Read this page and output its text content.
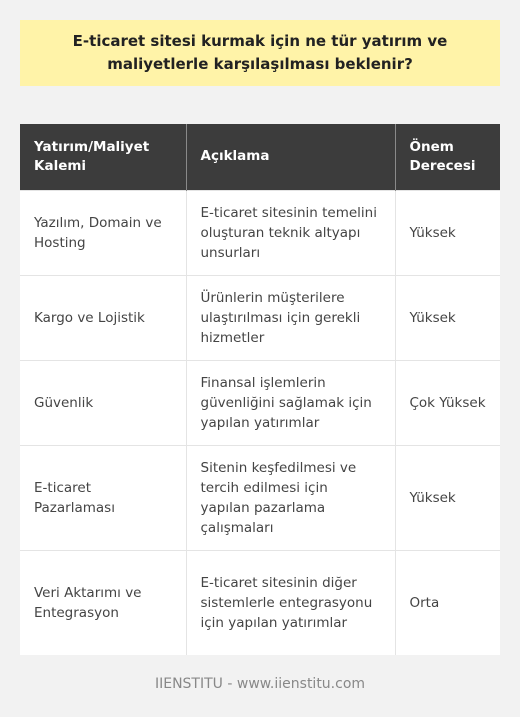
E-ticaret sitesi kurmak için ne tür yatırım ve maliyetlerle karşılaşılması beklenir?

Yatırım/Maliyet Kalemi	Açıklama	Önem Derecesi
Yazılım, Domain ve Hosting	E-ticaret sitesinin temelini oluşturan teknik altyapı unsurları	Yüksek
Kargo ve Lojistik	Ürünlerin müşterilere ulaştırılması için gerekli hizmetler	Yüksek
Güvenlik	Finansal işlemlerin güvenliğini sağlamak için yapılan yatırımlar	Çok Yüksek
E-ticaret Pazarlaması	Sitenin keşfedilmesi ve tercih edilmesi için yapılan pazarlama çalışmaları	Yüksek
Veri Aktarımı ve Entegrasyon	E-ticaret sitesinin diğer sistemlerle entegrasyonu için yapılan yatırımlar	Orta
IIENSTITU - www.iienstitu.com
